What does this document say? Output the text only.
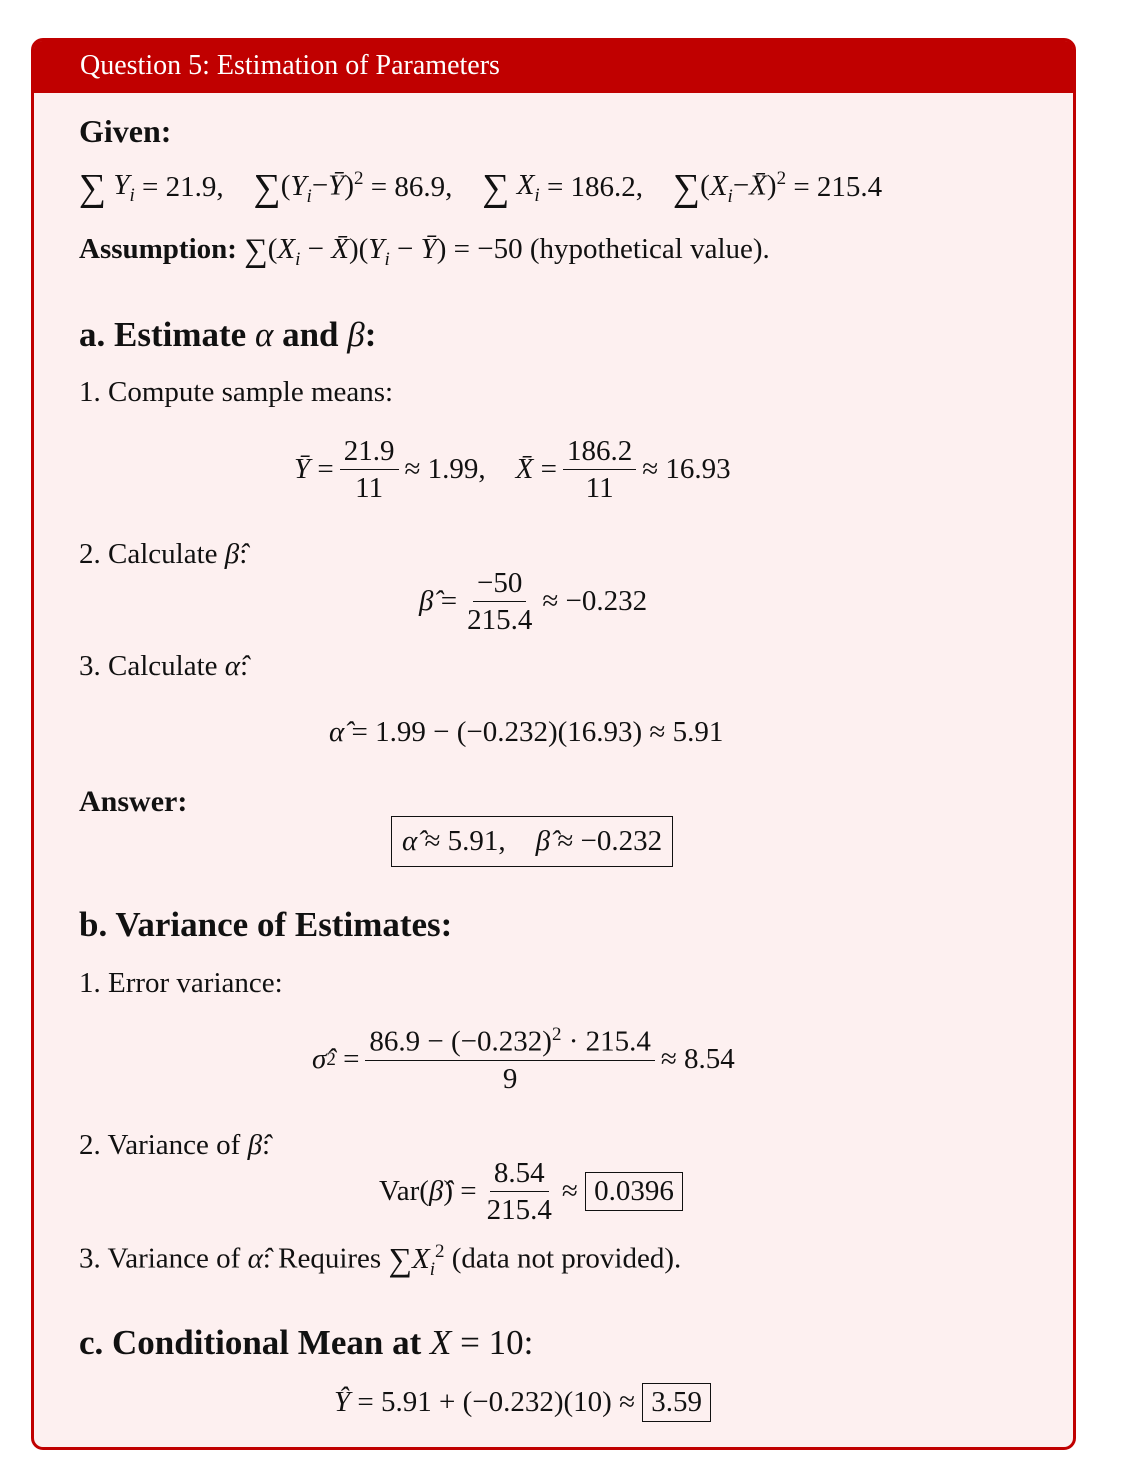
Question 5: Estimation of Parameters
Given:
∑ $Y_i = 21.9$, ∑ $(Y_i-Ȳ)^2 = 86.9$, ∑ $X_i = 186.2$, ∑ $(X_i-X̄)^2 = 215.4$
Assumption: $\sum(X_i$ − $X̄)(Y_i$ − Ȳ) = −50 (hypothetical value).
a. Estimate α and β:
1. Compute sample means:
Ȳ = $\frac{21.9}{11} \approx 1.99$, X̄ = $\frac{186.2}{11} \approx 16.93$
2. Calculate β̂:
β̂ = $\frac{-50}{215.4} \approx -0.232$
3. Calculate α̂:
α̂
= 1.99 − (−0.232)(16.93) ≈ 5.91
Answer:
α̂
≈ 5.91, β̂
≈ −0.232
b. Variance of Estimates:
1. Error variance:
σ̂ $2 = \frac{86.9 - (-0.232)^2 \cdot 215.4}{9} \approx 8.54$
2. Variance of β̂:
Var( β̂ ) = $\frac{8.54}{215.4} \approx 0.0396$
3. Variance of α̂: Requires $\sum X_i^2$ (data not provided).
c. Conditional Mean at X = 10:
Ŷ
= 5.91 + (−0.232)(10) ≈
3.59
